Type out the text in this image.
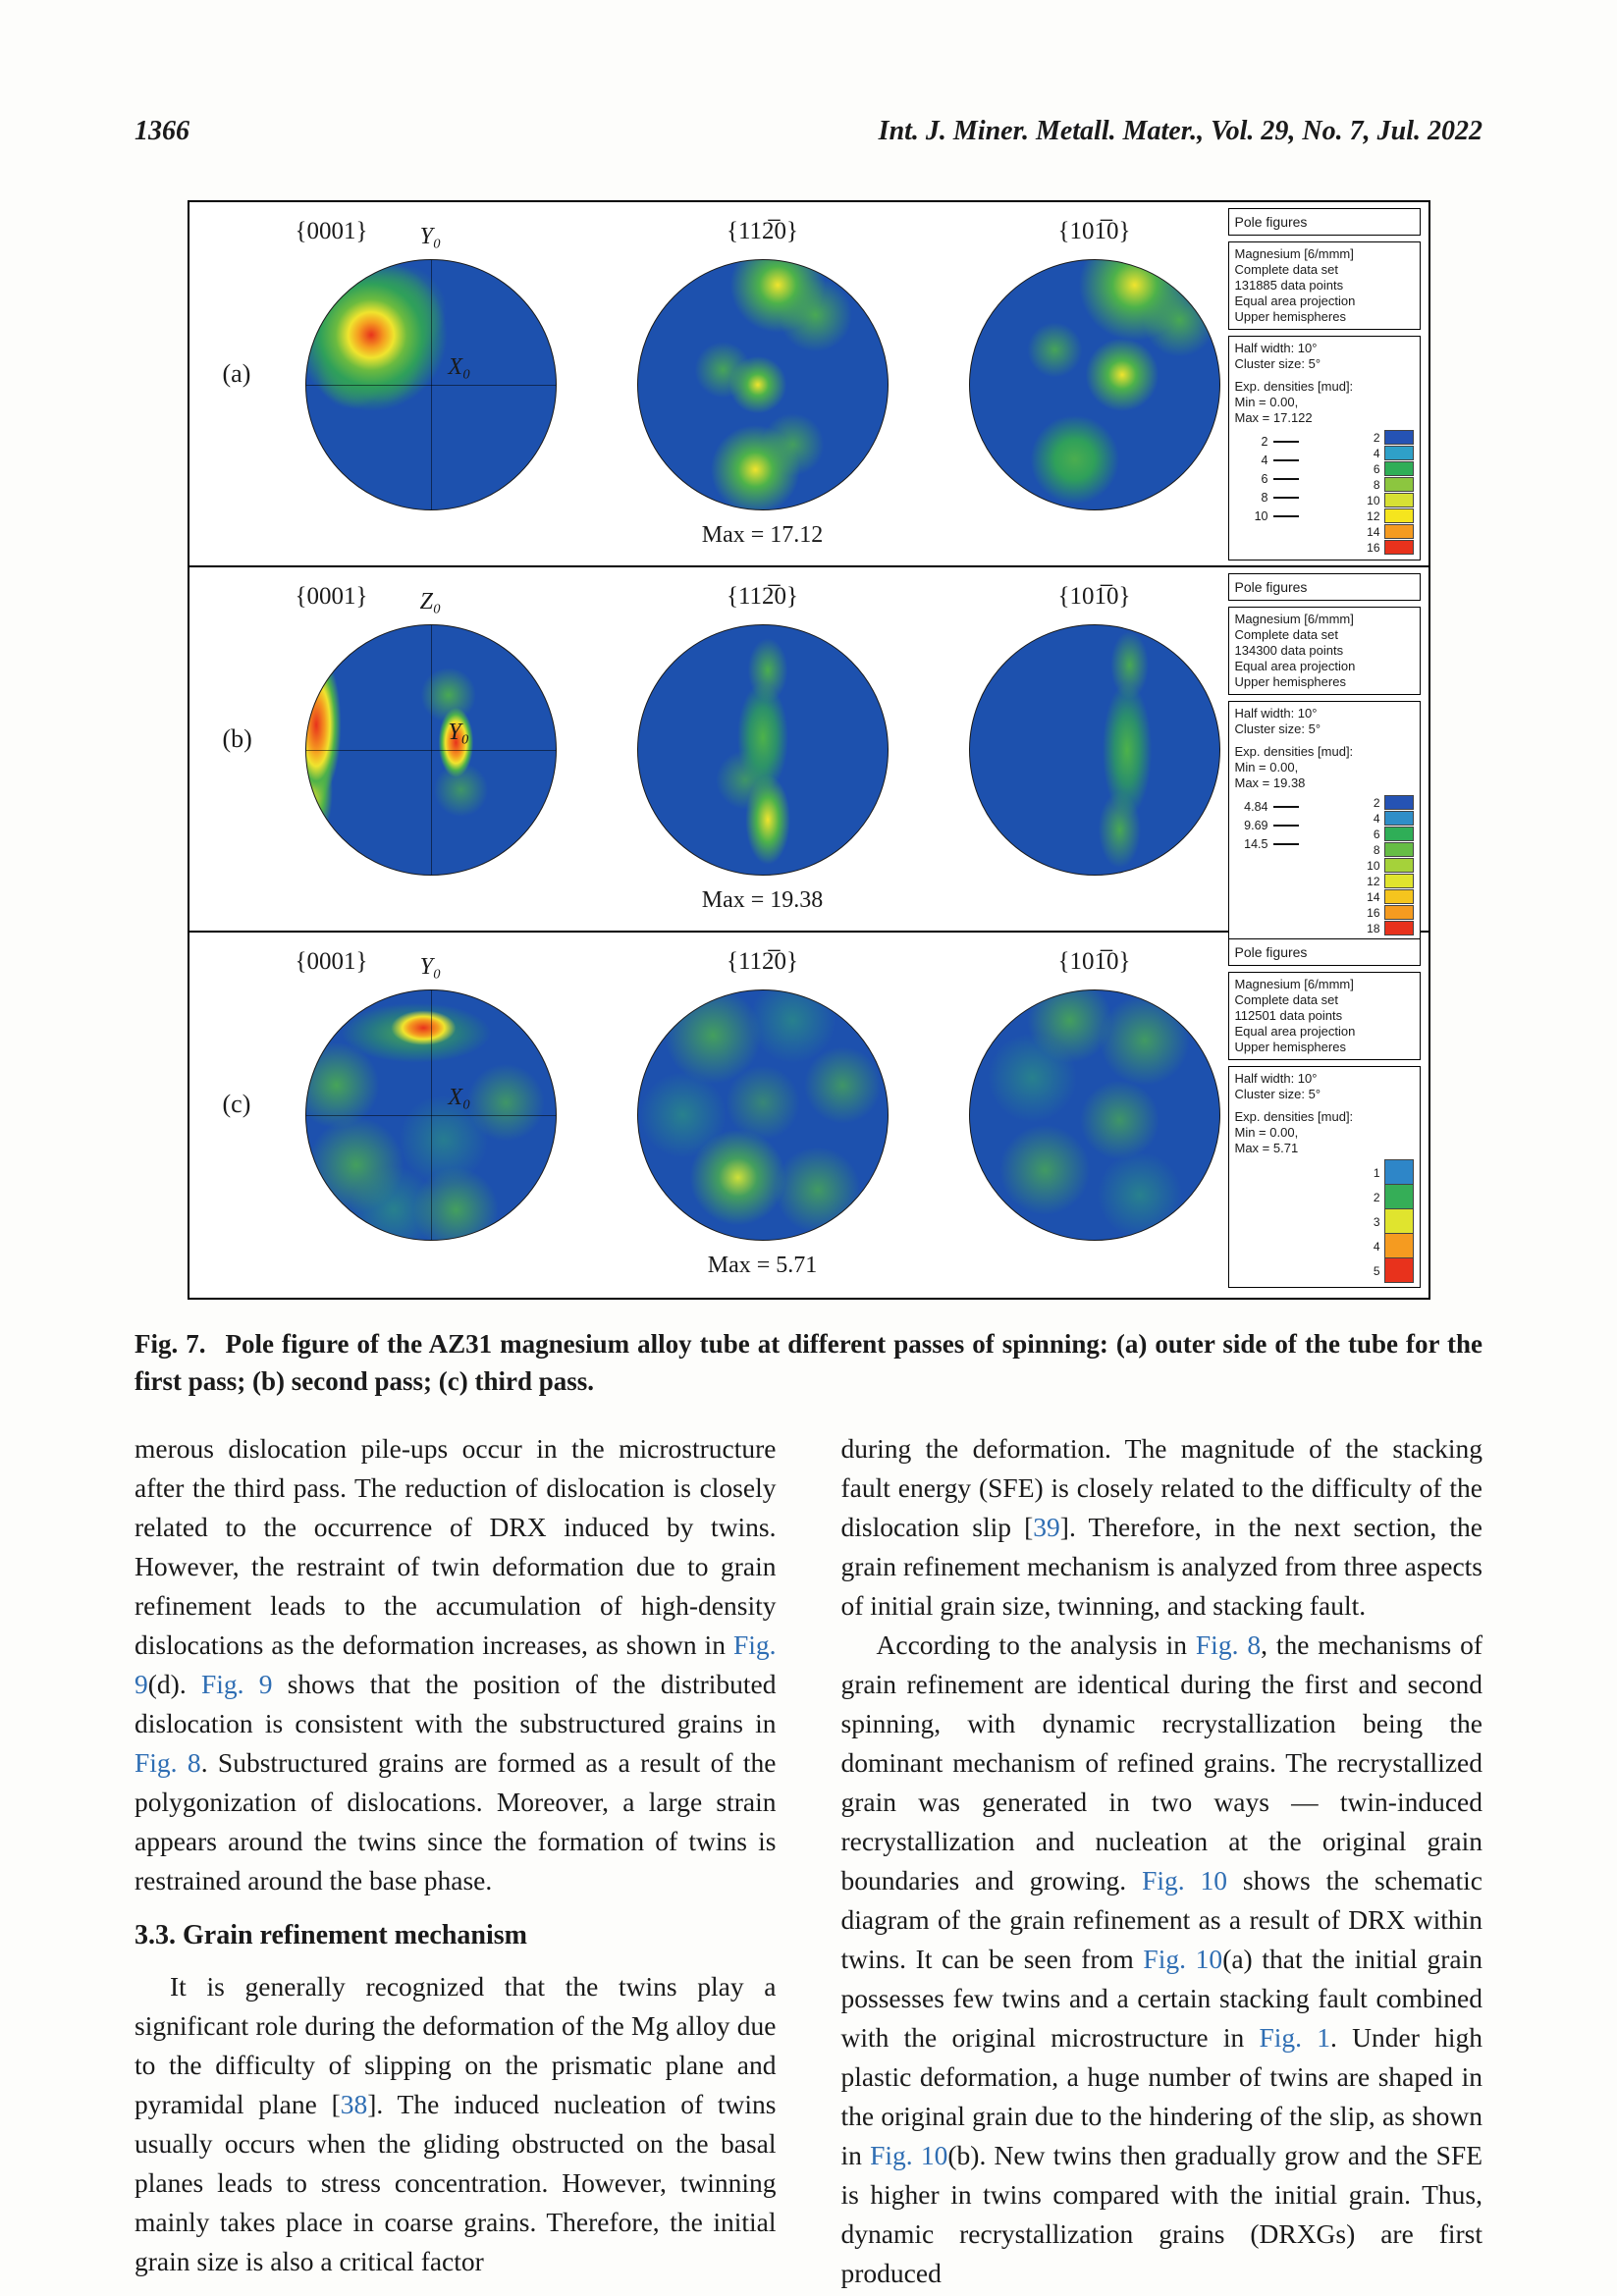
1366	Int. J. Miner. Metall. Mater., Vol. 29, No. 7, Jul. 2022
(a)
{0001} Y₀
X₀
{112̅0}	{101̅0}
Max = 17.12
Pole figures
Magnesium [6/mmm]
Complete data set
131885 data points
Equal area projection
Upper hemispheres
Half width: 10°
Cluster size: 5°
Exp. densities [mud]:
Min = 0.00,
Max = 17.122
2
4
6
8
10
2
4
6
8
10
12
14
16
(b)
{0001} Z₀
Y₀
{112̅0}	{101̅0}
Max = 19.38
Pole figures
Magnesium [6/mmm]
Complete data set
134300 data points
Equal area projection
Upper hemispheres
Half width: 10°
Cluster size: 5°
Exp. densities [mud]:
Min = 0.00,
Max = 19.38
4.84
9.69
14.5
2
4
6
8
10
12
14
16
18
(c)
{0001} Y₀
X₀
{112̅0}	{101̅0}
Max = 5.71
Pole figures
Magnesium [6/mmm]
Complete data set
112501 data points
Equal area projection
Upper hemispheres
Half width: 10°
Cluster size: 5°
Exp. densities [mud]:
Min = 0.00,
Max = 5.71
1
2
3
4
5

Fig. 7. Pole figure of the AZ31 magnesium alloy tube at different passes of spinning: (a) outer side of the tube for the first pass; (b) second pass; (c) third pass.

merous dislocation pile-ups occur in the microstructure after the third pass. The reduction of dislocation is closely related to the occurrence of DRX induced by twins. However, the restraint of twin deformation due to grain refinement leads to the accumulation of high-density dislocations as the deformation increases, as shown in Fig. 9(d). Fig. 9 shows that the position of the distributed dislocation is consistent with the substructured grains in Fig. 8. Substructured grains are formed as a result of the polygonization of dislocations. Moreover, a large strain appears around the twins since the formation of twins is restrained around the base phase.

3.3. Grain refinement mechanism

It is generally recognized that the twins play a significant role during the deformation of the Mg alloy due to the difficulty of slipping on the prismatic plane and pyramidal plane [38]. The induced nucleation of twins usually occurs when the gliding obstructed on the basal planes leads to stress concentration. However, twinning mainly takes place in coarse grains. Therefore, the initial grain size is also a critical factor

during the deformation. The magnitude of the stacking fault energy (SFE) is closely related to the difficulty of the dislocation slip [39]. Therefore, in the next section, the grain refinement mechanism is analyzed from three aspects of initial grain size, twinning, and stacking fault.

According to the analysis in Fig. 8, the mechanisms of grain refinement are identical during the first and second spinning, with dynamic recrystallization being the dominant mechanism of refined grains. The recrystallized grain was generated in two ways — twin-induced recrystallization and nucleation at the original grain boundaries and growing. Fig. 10 shows the schematic diagram of the grain refinement as a result of DRX within twins. It can be seen from Fig. 10(a) that the initial grain possesses few twins and a certain stacking fault combined with the original microstructure in Fig. 1. Under high plastic deformation, a huge number of twins are shaped in the original grain due to the hindering of the slip, as shown in Fig. 10(b). New twins then gradually grow and the SFE is higher in twins compared with the initial grain. Thus, dynamic recrystallization grains (DRXGs) are first produced
